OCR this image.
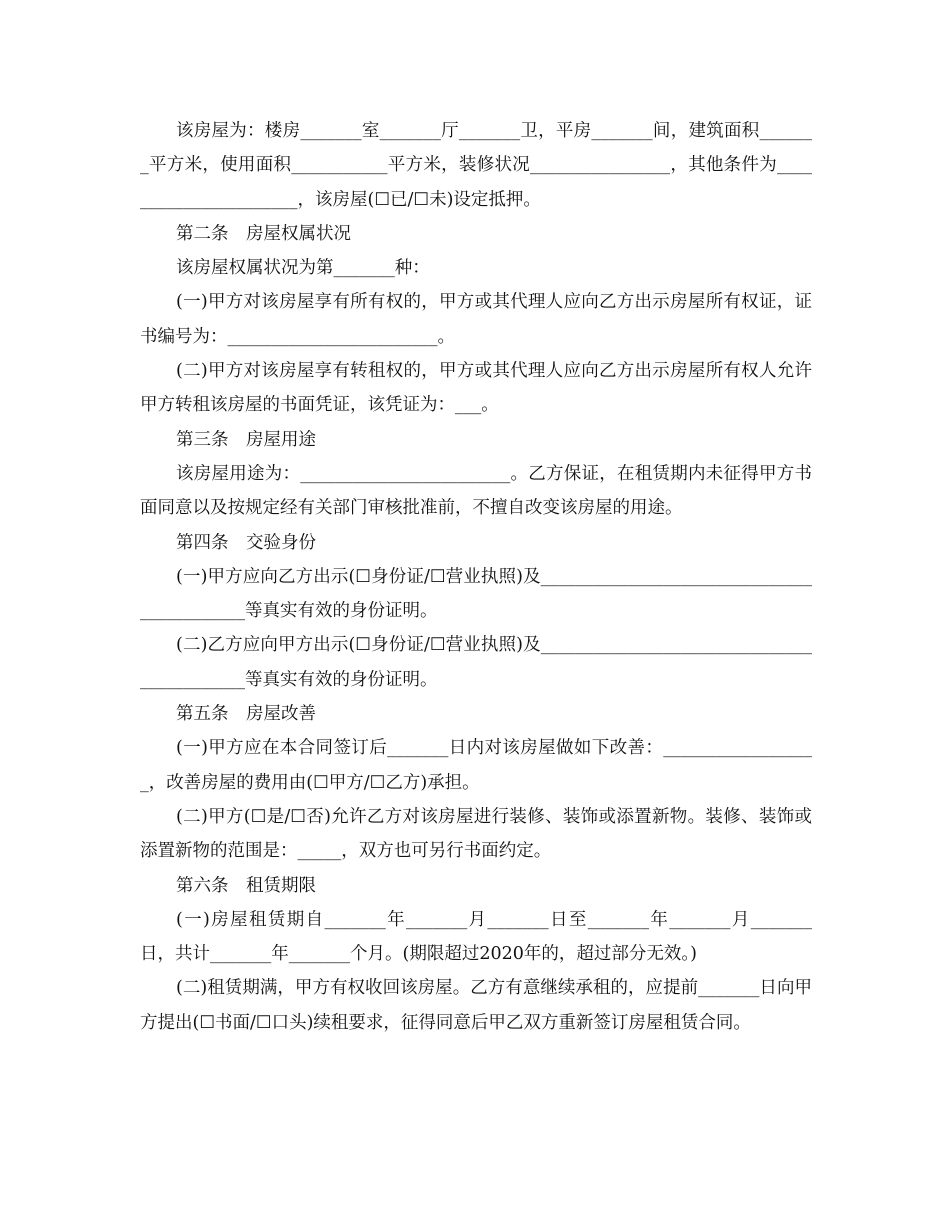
该房屋为：楼房_______室_______厅_______卫，平房_______间，建筑面积_______平方米，使用面积___________平方米，装修状况________________，其他条件为______________________，该房屋(☐已/☐未)设定抵押。

第二条　房屋权属状况

该房屋权属状况为第_______种：

(一)甲方对该房屋享有所有权的，甲方或其代理人应向乙方出示房屋所有权证，证书编号为：________________________。

(二)甲方对该房屋享有转租权的，甲方或其代理人应向乙方出示房屋所有权人允许甲方转租该房屋的书面凭证，该凭证为：___。

第三条　房屋用途

该房屋用途为：________________________。乙方保证，在租赁期内未征得甲方书面同意以及按规定经有关部门审核批准前，不擅自改变该房屋的用途。

第四条　交验身份

(一)甲方应向乙方出示(☐身份证/☐营业执照)及___________________________________________等真实有效的身份证明。

(二)乙方应向甲方出示(☐身份证/☐营业执照)及___________________________________________等真实有效的身份证明。

第五条　房屋改善

(一)甲方应在本合同签订后_______日内对该房屋做如下改善：__________________，改善房屋的费用由(☐甲方/☐乙方)承担。

(二)甲方(☐是/☐否)允许乙方对该房屋进行装修、装饰或添置新物。装修、装饰或添置新物的范围是：_____，双方也可另行书面约定。

第六条　租赁期限

(一)房屋租赁期自_______年_______月_______日至_______年_______月_______日，共计_______年_______个月。(期限超过2020年的，超过部分无效。)

(二)租赁期满，甲方有权收回该房屋。乙方有意继续承租的，应提前_______日向甲方提出(☐书面/☐口头)续租要求，征得同意后甲乙双方重新签订房屋租赁合同。
